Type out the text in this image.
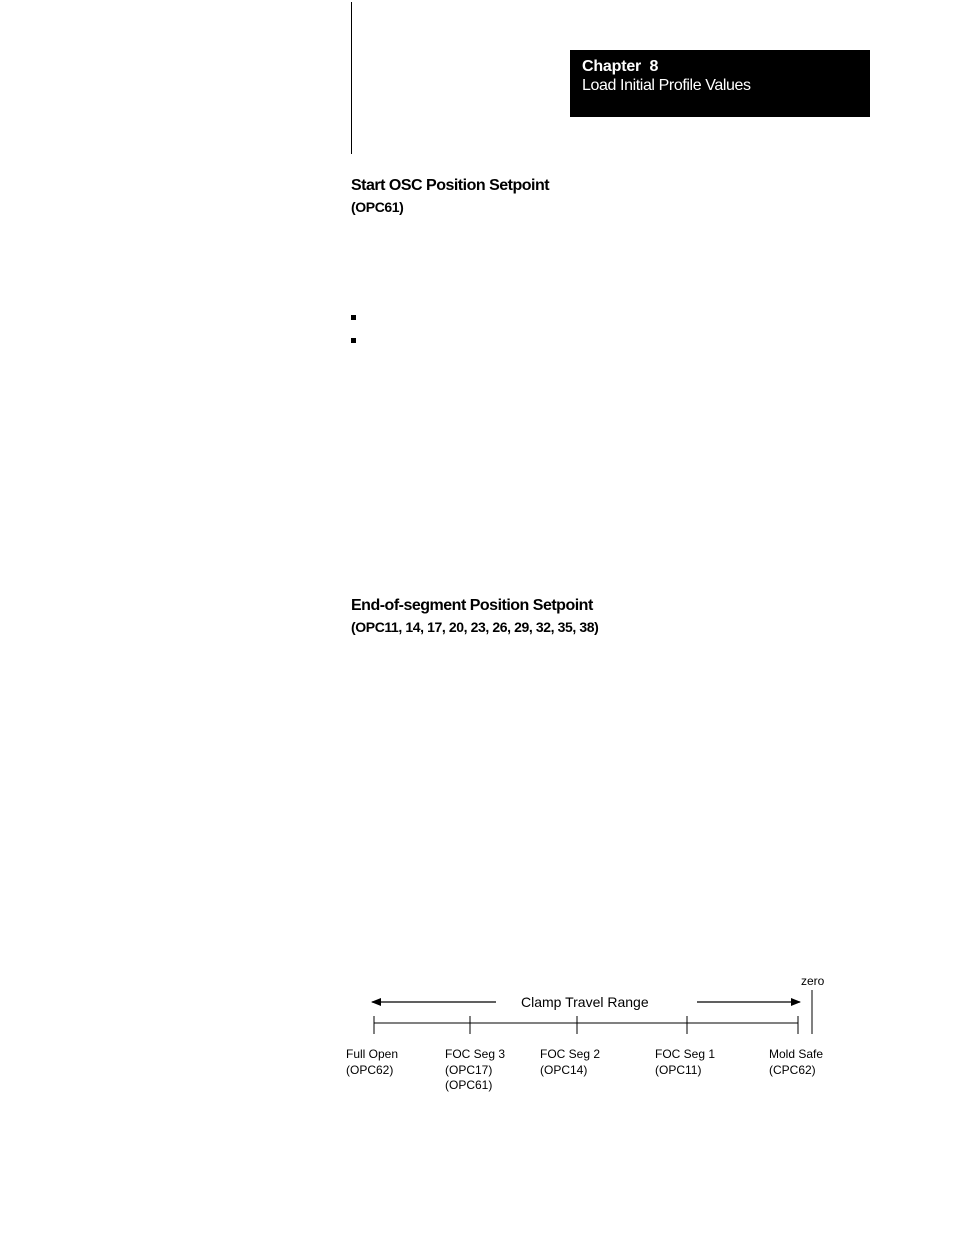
Chapter  8
Load Initial Profile Values
Start OSC Position Setpoint
(OPC61)
End-of-segment Position Setpoint
(OPC11, 14, 17, 20, 23, 26, 29, 32, 35, 38)
Clamp Travel Range
zero
Full Open
(OPC62)
FOC Seg 3
(OPC17)
(OPC61)
FOC Seg 2
(OPC14)
FOC Seg 1
(OPC11)
Mold Safe
(CPC62)
